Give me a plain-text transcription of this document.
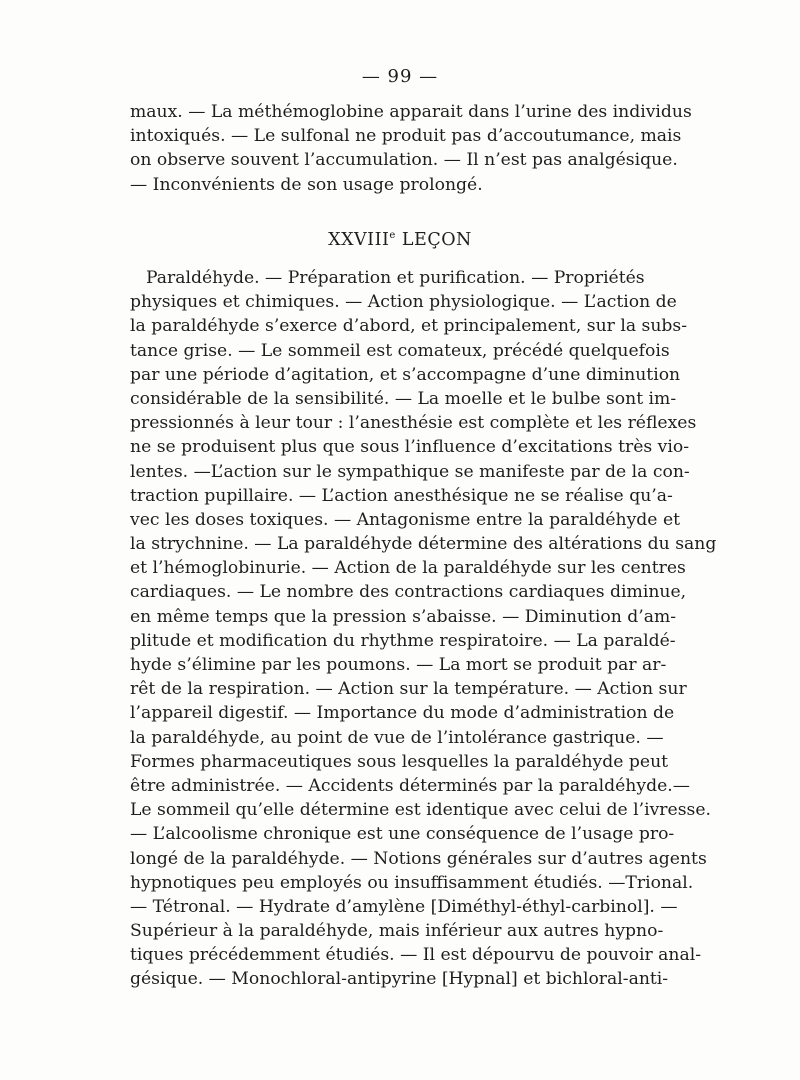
— 99 —
maux. — La méthémoglobine apparait dans l’urine des individus
intoxiqués. — Le sulfonal ne produit pas d’accoutumance, mais
on observe souvent l’accumulation. — Il n’est pas analgésique.
— Inconvénients de son usage prolongé.
XXVIIIe LEÇON
Paraldéhyde. — Préparation et purification. — Propriétés
physiques et chimiques. — Action physiologique. — L’action de
la paraldéhyde s’exerce d’abord, et principalement, sur la subs-
tance grise. — Le sommeil est comateux, précédé quelquefois
par une période d’agitation, et s’accompagne d’une diminution
considérable de la sensibilité. — La moelle et le bulbe sont im-
pressionnés à leur tour : l’anesthésie est complète et les réflexes
ne se produisent plus que sous l’influence d’excitations très vio-
lentes. —L’action sur le sympathique se manifeste par de la con-
traction pupillaire. — L’action anesthésique ne se réalise qu’a-
vec les doses toxiques. — Antagonisme entre la paraldéhyde et
la strychnine. — La paraldéhyde détermine des altérations du sang
et l’hémoglobinurie. — Action de la paraldéhyde sur les centres
cardiaques. — Le nombre des contractions cardiaques diminue,
en même temps que la pression s’abaisse. — Diminution d’am-
plitude et modification du rhythme respiratoire. — La paraldé-
hyde s’élimine par les poumons. — La mort se produit par ar-
rêt de la respiration. — Action sur la température. — Action sur
l’appareil digestif. — Importance du mode d’administration de
la paraldéhyde, au point de vue de l’intolérance gastrique. —
Formes pharmaceutiques sous lesquelles la paraldéhyde peut
être administrée. — Accidents déterminés par la paraldéhyde.—
Le sommeil qu’elle détermine est identique avec celui de l’ivresse.
— L’alcoolisme chronique est une conséquence de l’usage pro-
longé de la paraldéhyde. — Notions générales sur d’autres agents
hypnotiques peu employés ou insuffisamment étudiés. —Trional.
— Tétronal. — Hydrate d’amylène [Diméthyl-éthyl-carbinol]. —
Supérieur à la paraldéhyde, mais inférieur aux autres hypno-
tiques précédemment étudiés. — Il est dépourvu de pouvoir anal-
gésique. — Monochloral-antipyrine [Hypnal] et bichloral-anti-
